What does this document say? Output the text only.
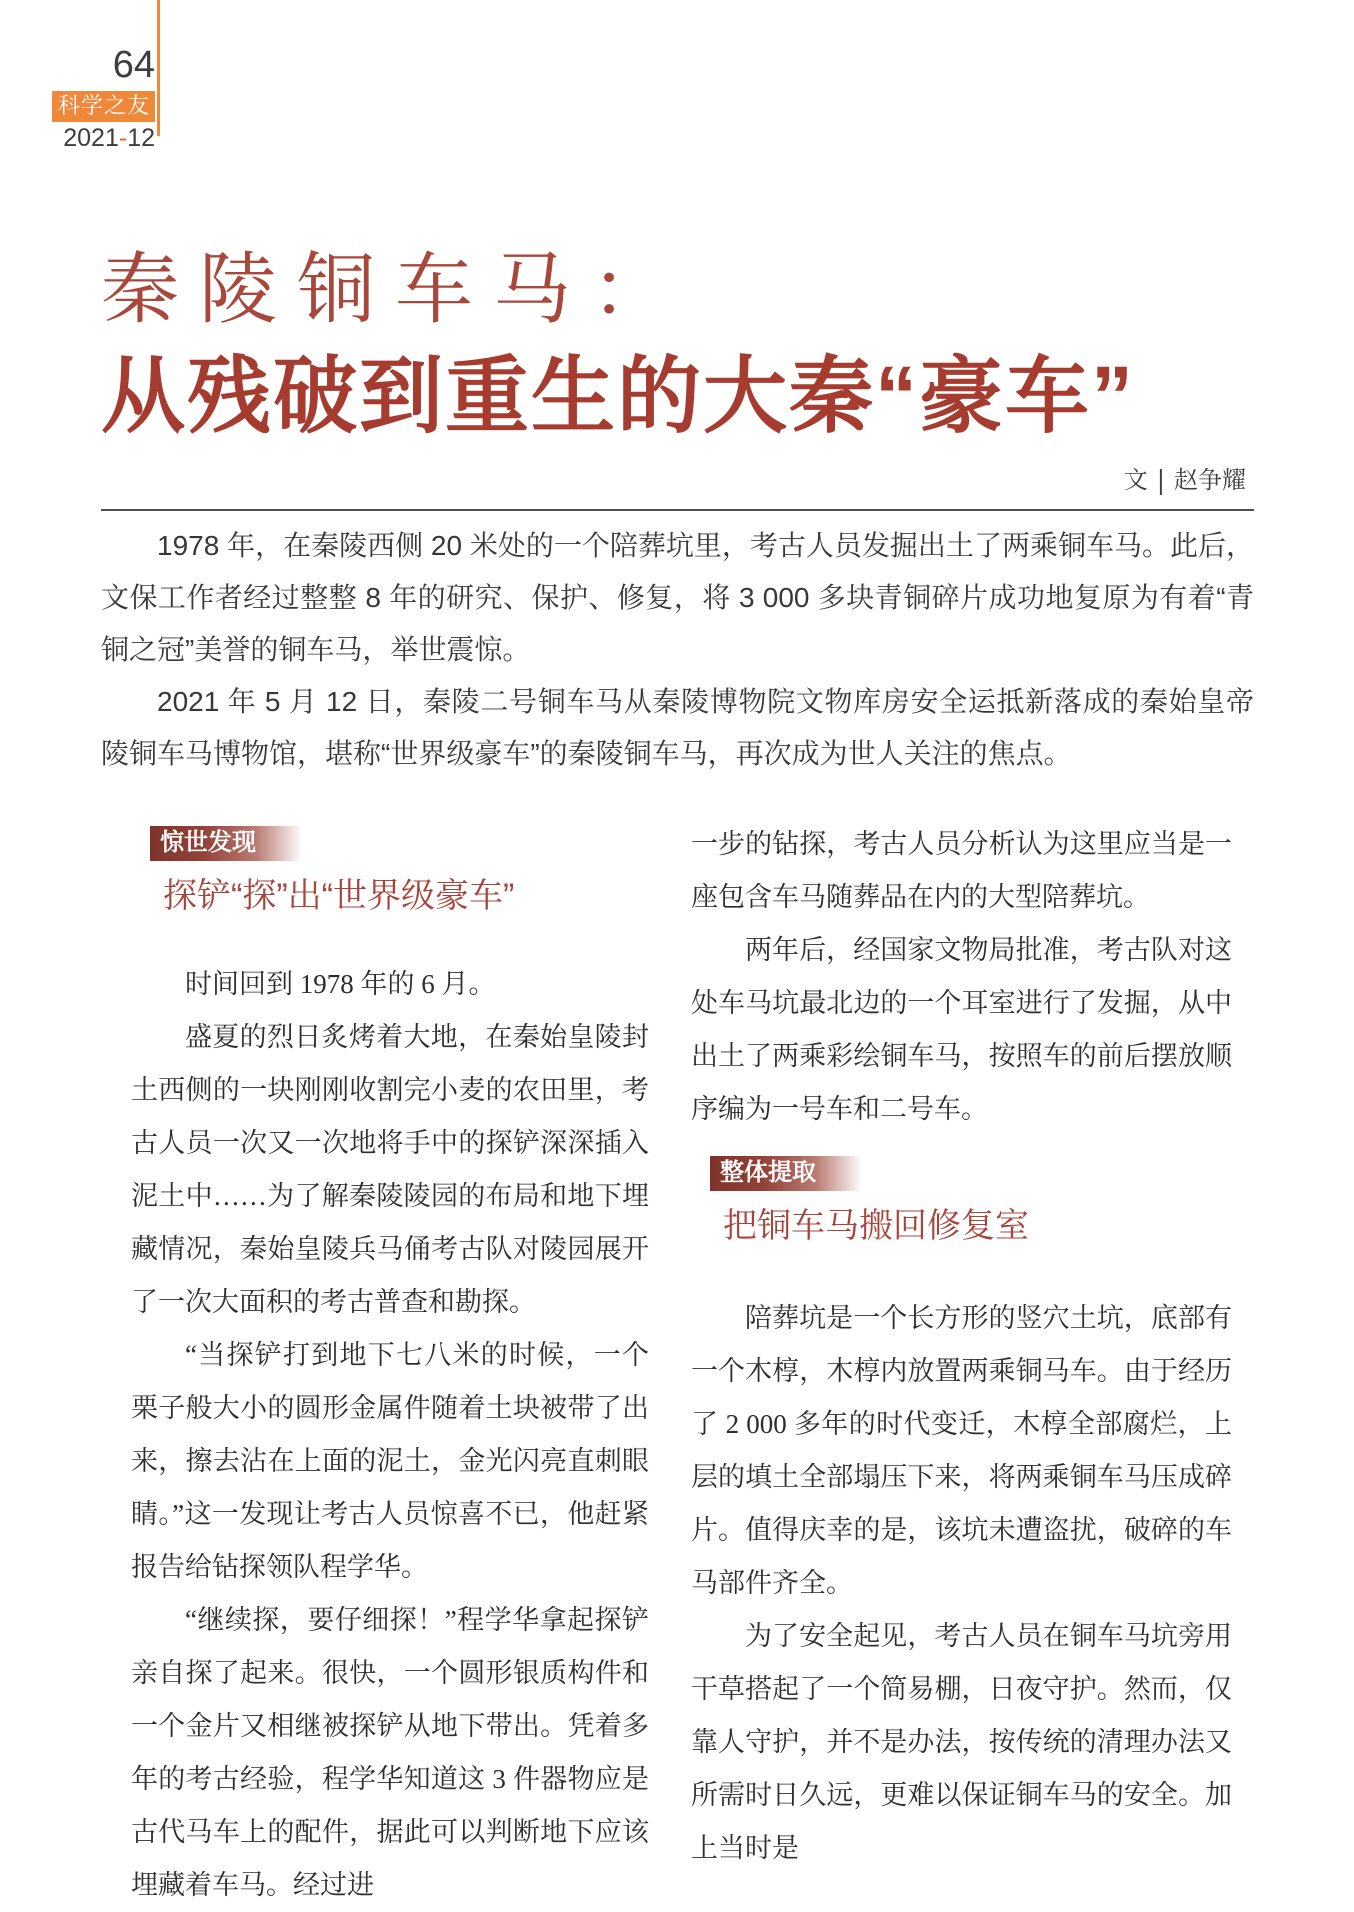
64
科学之友
2021-12
秦陵铜车马：
从残破到重生的大秦“豪车”
文 | 赵争耀

1978 年，在秦陵西侧 20 米处的一个陪葬坑里，考古人员发掘出土了两乘铜车马。此后，文保工作者经过整整 8 年的研究、保护、修复，将 3 000 多块青铜碎片成功地复原为有着“青铜之冠”美誉的铜车马，举世震惊。

2021 年 5 月 12 日，秦陵二号铜车马从秦陵博物院文物库房安全运抵新落成的秦始皇帝陵铜车马博物馆，堪称“世界级豪车”的秦陵铜车马，再次成为世人关注的焦点。

惊世发现
探铲“探”出“世界级豪车”

时间回到 1978 年的 6 月。

盛夏的烈日炙烤着大地，在秦始皇陵封土西侧的一块刚刚收割完小麦的农田里，考古人员一次又一次地将手中的探铲深深插入泥土中……为了解秦陵陵园的布局和地下埋藏情况，秦始皇陵兵马俑考古队对陵园展开了一次大面积的考古普查和勘探。

“当探铲打到地下七八米的时候，一个栗子般大小的圆形金属件随着土块被带了出来，擦去沾在上面的泥土，金光闪亮直刺眼睛。”这一发现让考古人员惊喜不已，他赶紧报告给钻探领队程学华。

“继续探，要仔细探！”程学华拿起探铲亲自探了起来。很快，一个圆形银质构件和一个金片又相继被探铲从地下带出。凭着多年的考古经验，程学华知道这 3 件器物应是古代马车上的配件，据此可以判断地下应该埋藏着车马。经过进

一步的钻探，考古人员分析认为这里应当是一座包含车马随葬品在内的大型陪葬坑。

两年后，经国家文物局批准，考古队对这处车马坑最北边的一个耳室进行了发掘，从中出土了两乘彩绘铜车马，按照车的前后摆放顺序编为一号车和二号车。

整体提取
把铜车马搬回修复室

陪葬坑是一个长方形的竖穴土坑，底部有一个木椁，木椁内放置两乘铜马车。由于经历了 2 000 多年的时代变迁，木椁全部腐烂，上层的填土全部塌压下来，将两乘铜车马压成碎片。值得庆幸的是，该坑未遭盗扰，破碎的车马部件齐全。

为了安全起见，考古人员在铜车马坑旁用干草搭起了一个简易棚，日夜守护。然而，仅靠人守护，并不是办法，按传统的清理办法又所需时日久远，更难以保证铜车马的安全。加上当时是
